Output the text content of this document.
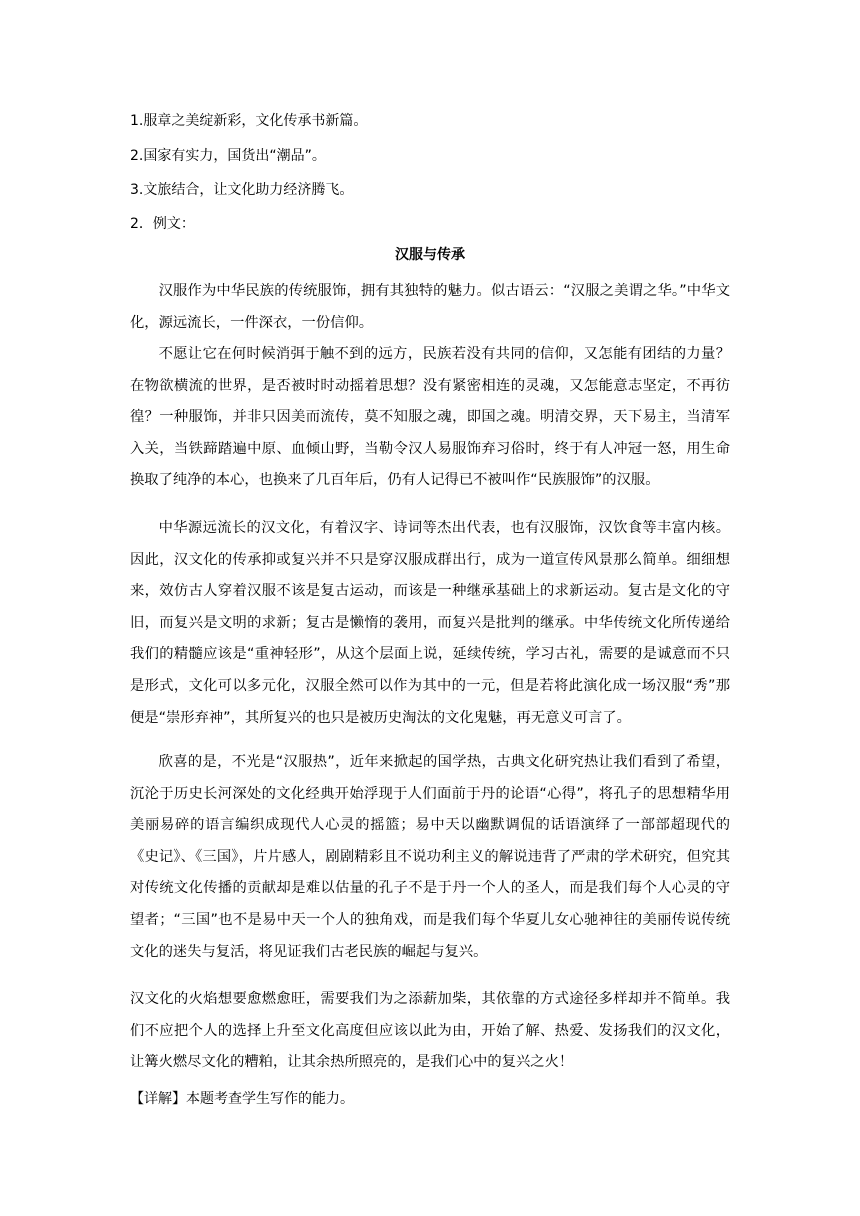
1.服章之美绽新彩，文化传承书新篇。
2.国家有实力，国货出“潮品”。
3.文旅结合，让文化助力经济腾飞。
2．例文：
汉服与传承

汉服作为中华民族的传统服饰，拥有其独特的魅力。似古语云：“汉服之美谓之华。”中华文化，源远流长，一件深衣，一份信仰。

不愿让它在何时候消弭于触不到的远方，民族若没有共同的信仰，又怎能有团结的力量？在物欲横流的世界，是否被时时动摇着思想？没有紧密相连的灵魂，又怎能意志坚定，不再彷徨？一种服饰，并非只因美而流传，莫不知服之魂，即国之魂。明清交界，天下易主，当清军入关，当铁蹄踏遍中原、血倾山野，当勒令汉人易服饰弃习俗时，终于有人冲冠一怒，用生命换取了纯净的本心，也换来了几百年后，仍有人记得已不被叫作“民族服饰”的汉服。

中华源远流长的汉文化，有着汉字、诗词等杰出代表，也有汉服饰，汉饮食等丰富内核。因此，汉文化的传承抑或复兴并不只是穿汉服成群出行，成为一道宣传风景那么简单。细细想来，效仿古人穿着汉服不该是复古运动，而该是一种继承基础上的求新运动。复古是文化的守旧，而复兴是文明的求新；复古是懒惰的袭用，而复兴是批判的继承。中华传统文化所传递给我们的精髓应该是“重神轻形”，从这个层面上说，延续传统，学习古礼，需要的是诚意而不只是形式，文化可以多元化，汉服全然可以作为其中的一元，但是若将此演化成一场汉服“秀”那便是“崇形弃神”，其所复兴的也只是被历史淘汰的文化鬼魅，再无意义可言了。

欣喜的是，不光是“汉服热”，近年来掀起的国学热，古典文化研究热让我们看到了希望，沉沦于历史长河深处的文化经典开始浮现于人们面前于丹的论语“心得”，将孔子的思想精华用美丽易碎的语言编织成现代人心灵的摇篮；易中天以幽默调侃的话语演绎了一部部超现代的《史记》、《三国》，片片感人，剧剧精彩且不说功利主义的解说违背了严肃的学术研究，但究其对传统文化传播的贡献却是难以估量的孔子不是于丹一个人的圣人，而是我们每个人心灵的守望者；“三国”也不是易中天一个人的独角戏，而是我们每个华夏儿女心驰神往的美丽传说传统文化的迷失与复活，将见证我们古老民族的崛起与复兴。

汉文化的火焰想要愈燃愈旺，需要我们为之添薪加柴，其依靠的方式途径多样却并不简单。我们不应把个人的选择上升至文化高度但应该以此为由，开始了解、热爱、发扬我们的汉文化，让篝火燃尽文化的糟粕，让其余热所照亮的，是我们心中的复兴之火！

【详解】本题考查学生写作的能力。
